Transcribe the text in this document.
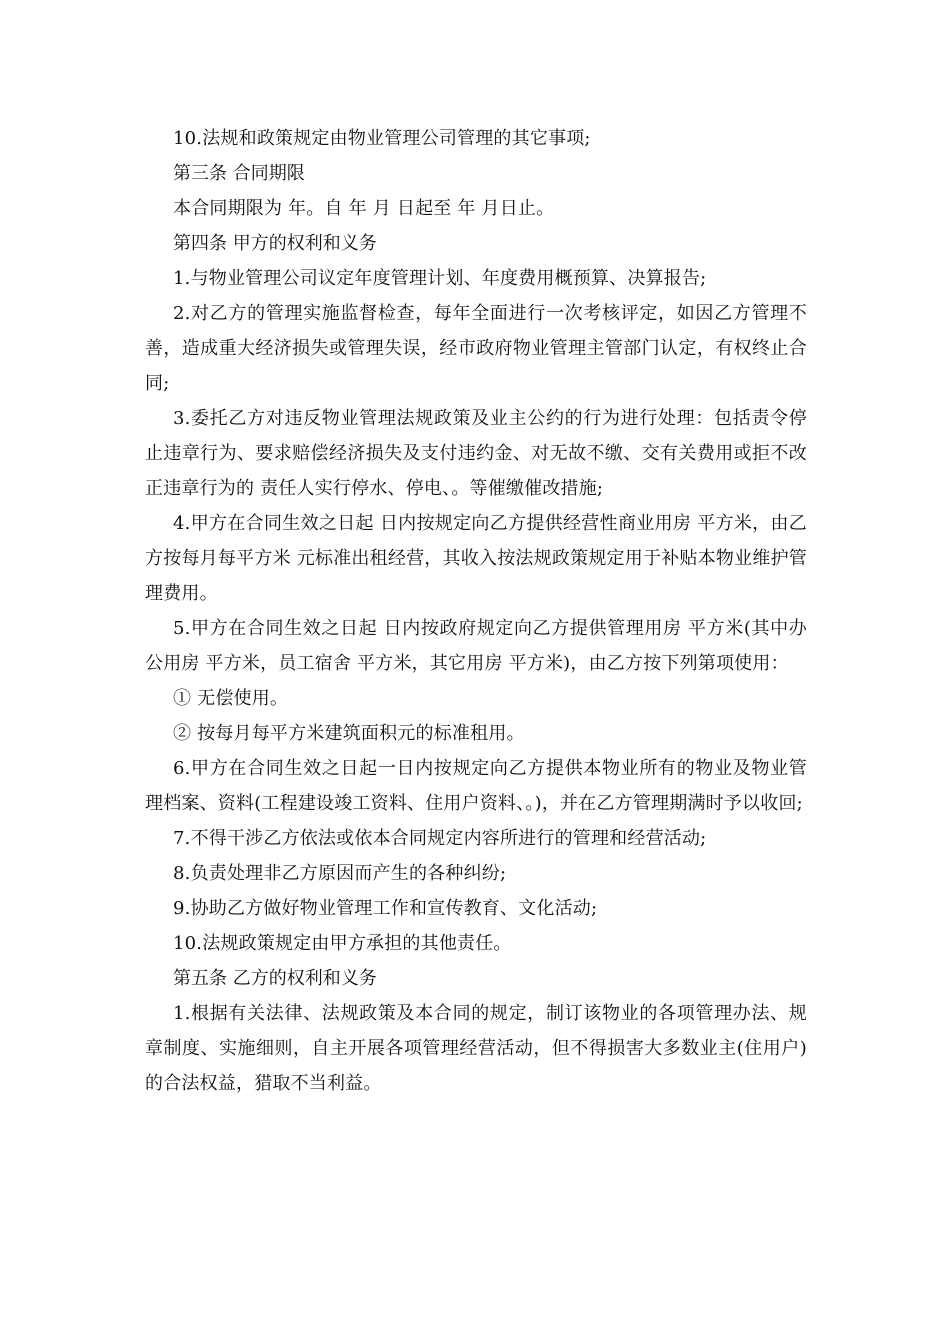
10.法规和政策规定由物业管理公司管理的其它事项;

第三条 合同期限

本合同期限为 年。自 年 月 日起至 年 月日止。

第四条 甲方的权利和义务

1.与物业管理公司议定年度管理计划、年度费用概预算、决算报告;

2.对乙方的管理实施监督检查，每年全面进行一次考核评定，如因乙方管理不善，造成重大经济损失或管理失误，经市政府物业管理主管部门认定，有权终止合同;

3.委托乙方对违反物业管理法规政策及业主公约的行为进行处理：包括责令停止违章行为、要求赔偿经济损失及支付违约金、对无故不缴、交有关费用或拒不改正违章行为的 责任人实行停水、停电、。等催缴催改措施;

4.甲方在合同生效之日起 日内按规定向乙方提供经营性商业用房 平方米，由乙方按每月每平方米 元标准出租经营，其收入按法规政策规定用于补贴本物业维护管理费用。

5.甲方在合同生效之日起 日内按政府规定向乙方提供管理用房 平方米(其中办公用房 平方米，员工宿舍 平方米，其它用房 平方米)，由乙方按下列第项使用：

① 无偿使用。

② 按每月每平方米建筑面积元的标准租用。

6.甲方在合同生效之日起一日内按规定向乙方提供本物业所有的物业及物业管理档案、资料(工程建设竣工资料、住用户资料、。)，并在乙方管理期满时予以收回;

7.不得干涉乙方依法或依本合同规定内容所进行的管理和经营活动;

8.负责处理非乙方原因而产生的各种纠纷;

9.协助乙方做好物业管理工作和宣传教育、文化活动;

10.法规政策规定由甲方承担的其他责任。

第五条 乙方的权利和义务

1.根据有关法律、法规政策及本合同的规定，制订该物业的各项管理办法、规章制度、实施细则，自主开展各项管理经营活动，但不得损害大多数业主(住用户)的合法权益，猎取不当利益。
